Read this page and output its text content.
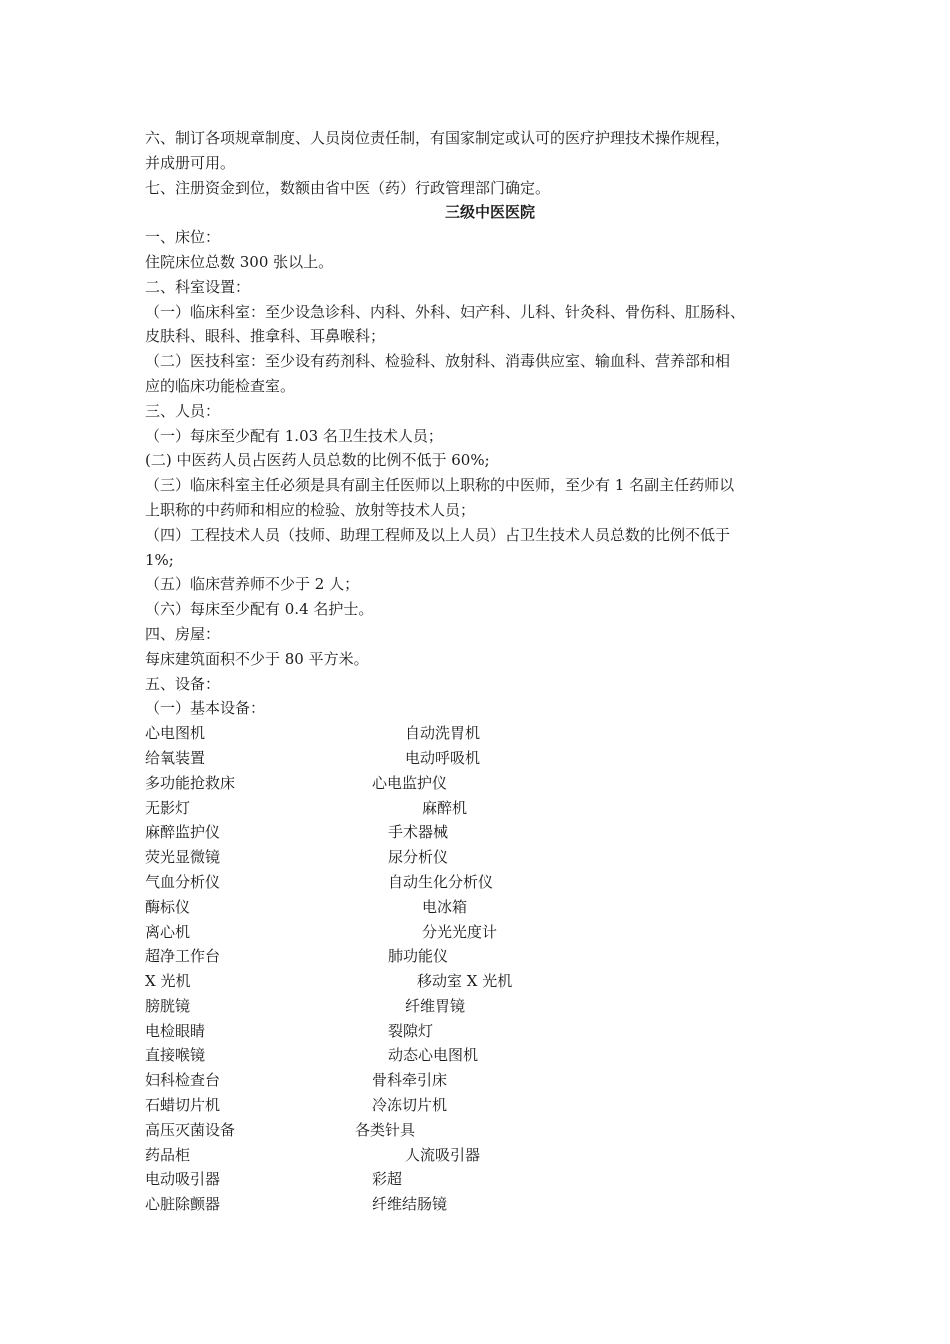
六、制订各项规章制度、人员岗位责任制，有国家制定或认可的医疗护理技术操作规程，
并成册可用。
七、注册资金到位，数额由省中医（药）行政管理部门确定。
三级中医医院
一、床位：
住院床位总数 300 张以上。
二、科室设置：
（一）临床科室：至少设急诊科、内科、外科、妇产科、儿科、针灸科、骨伤科、肛肠科、
皮肤科、眼科、推拿科、耳鼻喉科；
（二）医技科室：至少设有药剂科、检验科、放射科、消毒供应室、输血科、营养部和相
应的临床功能检查室。
三、人员：
（一）每床至少配有 1.03 名卫生技术人员；
(二) 中医药人员占医药人员总数的比例不低于 60%;
（三）临床科室主任必须是具有副主任医师以上职称的中医师，至少有 1 名副主任药师以
上职称的中药师和相应的检验、放射等技术人员；
（四）工程技术人员（技师、助理工程师及以上人员）占卫生技术人员总数的比例不低于
1%;
（五）临床营养师不少于 2 人；
（六）每床至少配有 0.4 名护士。
四、房屋：
每床建筑面积不少于 80 平方米。
五、设备：
（一）基本设备：
心电图机	自动洗胃机
给氧装置	电动呼吸机
多功能抢救床	心电监护仪
无影灯	麻醉机
麻醉监护仪	手术器械
荧光显微镜	尿分析仪
气血分析仪	自动生化分析仪
酶标仪	电冰箱
离心机	分光光度计
超净工作台	肺功能仪
X 光机	移动室 X 光机
膀胱镜	纤维胃镜
电检眼睛	裂隙灯
直接喉镜	动态心电图机
妇科检查台	骨科牵引床
石蜡切片机	冷冻切片机
高压灭菌设备	各类针具
药品柜	人流吸引器
电动吸引器	彩超
心脏除颤器	纤维结肠镜
